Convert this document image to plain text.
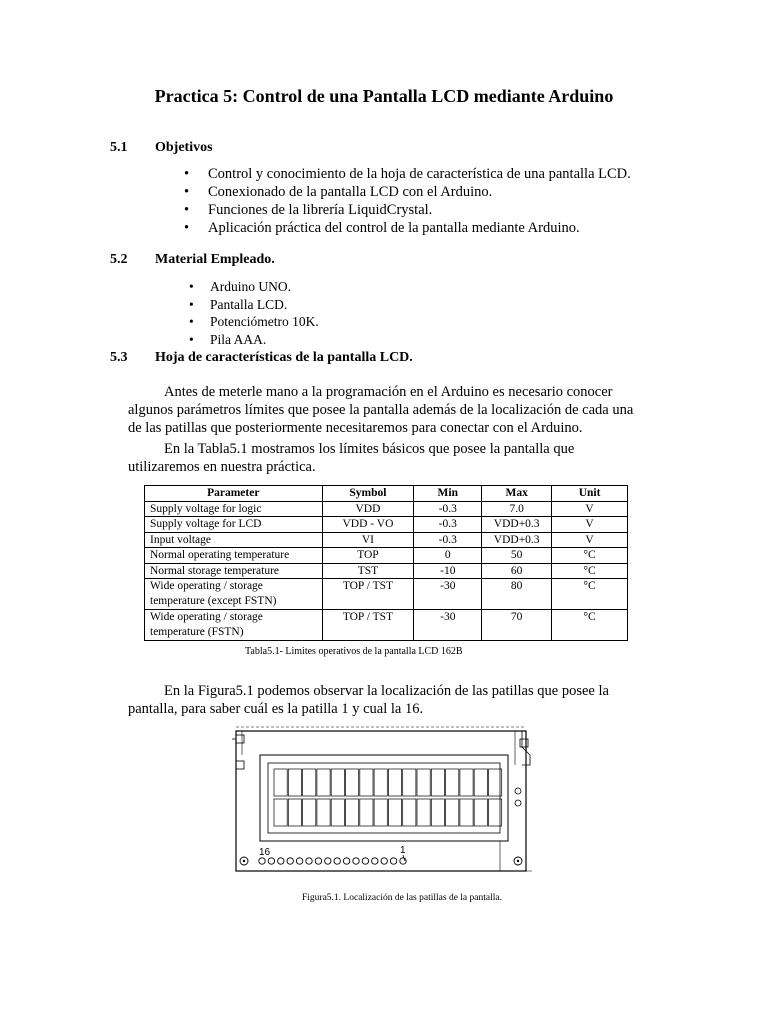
Practica 5: Control de una Pantalla LCD mediante Arduino
5.1 Objetivos
• Control y conocimiento de la hoja de característica de una pantalla LCD.
• Conexionado de la pantalla LCD con el Arduino.
• Funciones de la librería LiquidCrystal.
• Aplicación práctica del control de la pantalla mediante Arduino.
5.2 Material Empleado.
• Arduino UNO.
• Pantalla LCD.
• Potenciómetro 10K.
• Pila AAA.
5.3 Hoja de características de la pantalla LCD.

Antes de meterle mano a la programación en el Arduino es necesario conocer algunos parámetros límites que posee la pantalla además de la localización de cada una de las patillas que posteriormente necesitaremos para conectar con el Arduino.

En la Tabla5.1 mostramos los límites básicos que posee la pantalla que utilizaremos en nuestra práctica.

Parameter	Symbol	Min	Max	Unit
Supply voltage for logic	VDD	-0.3	7.0	V
Supply voltage for LCD	VDD - VO	-0.3	VDD+0.3	V
Input voltage	VI	-0.3	VDD+0.3	V
Normal operating temperature	TOP	0	50	°C
Normal storage temperature	TST	-10	60	°C
Wide operating / storage temperature (except FSTN)	TOP / TST	-30	80	°C
Wide operating / storage temperature (FSTN)	TOP / TST	-30	70	°C
Tabla5.1- Limites operativos de la pantalla LCD 162B

En la Figura5.1 podemos observar la localización de las patillas que posee la pantalla, para saber cuál es la patilla 1 y cual la 16.

16	1
Figura5.1. Localización de las patillas de la pantalla.
